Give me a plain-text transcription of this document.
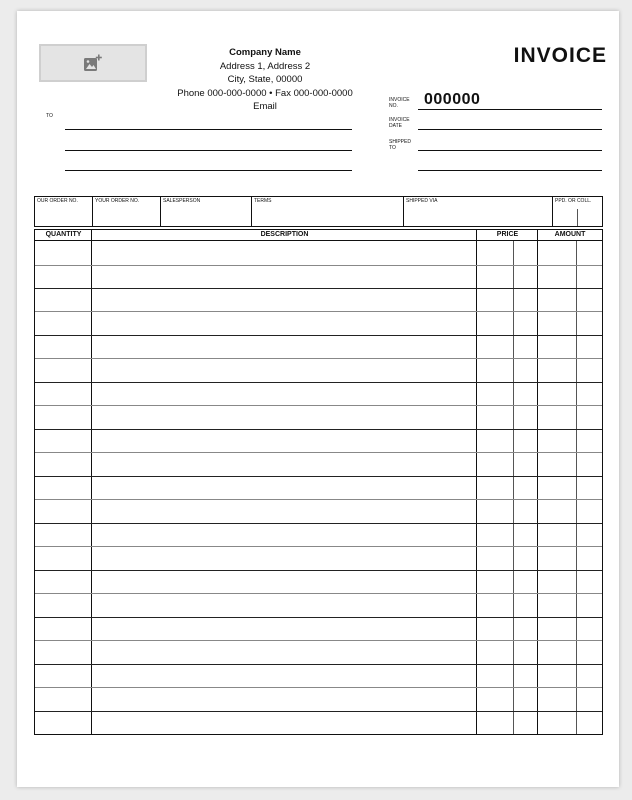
Company Name
Address 1, Address 2
City, State, 00000
Phone 000-000-0000 • Fax 000-000-0000
Email
INVOICE
TO
INVOICE NO.	000000
INVOICE DATE
SHIPPED TO
OUR ORDER NO.	YOUR ORDER NO.	SALESPERSON	TERMS	SHIPPED VIA	PPD. OR COLL.
QUANTITY	DESCRIPTION	PRICE	AMOUNT
